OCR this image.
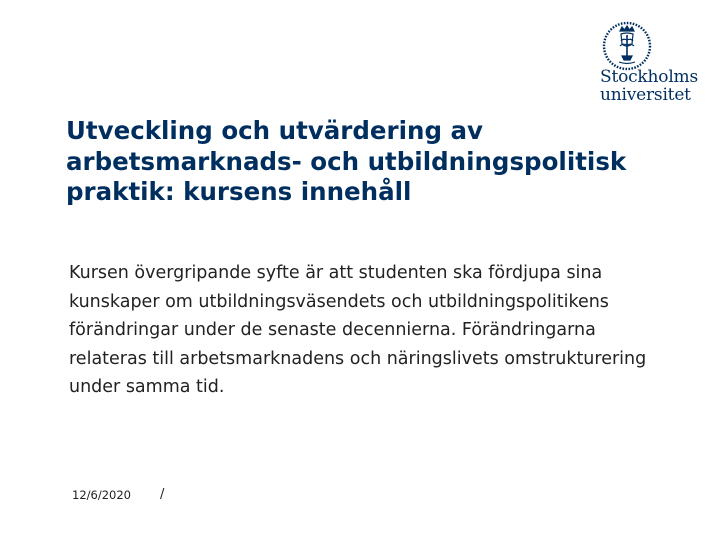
Stockholms
universitet
Utveckling och utvärdering av arbetsmarknads- och utbildningspolitisk praktik: kursens innehåll

Kursen övergripande syfte är att studenten ska fördjupa sina kunskaper om utbildningsväsendets och utbildningspolitikens förändringar under de senaste decennierna. Förändringarna relateras till arbetsmarknadens och näringslivets omstrukturering under samma tid.

12/6/2020 /
